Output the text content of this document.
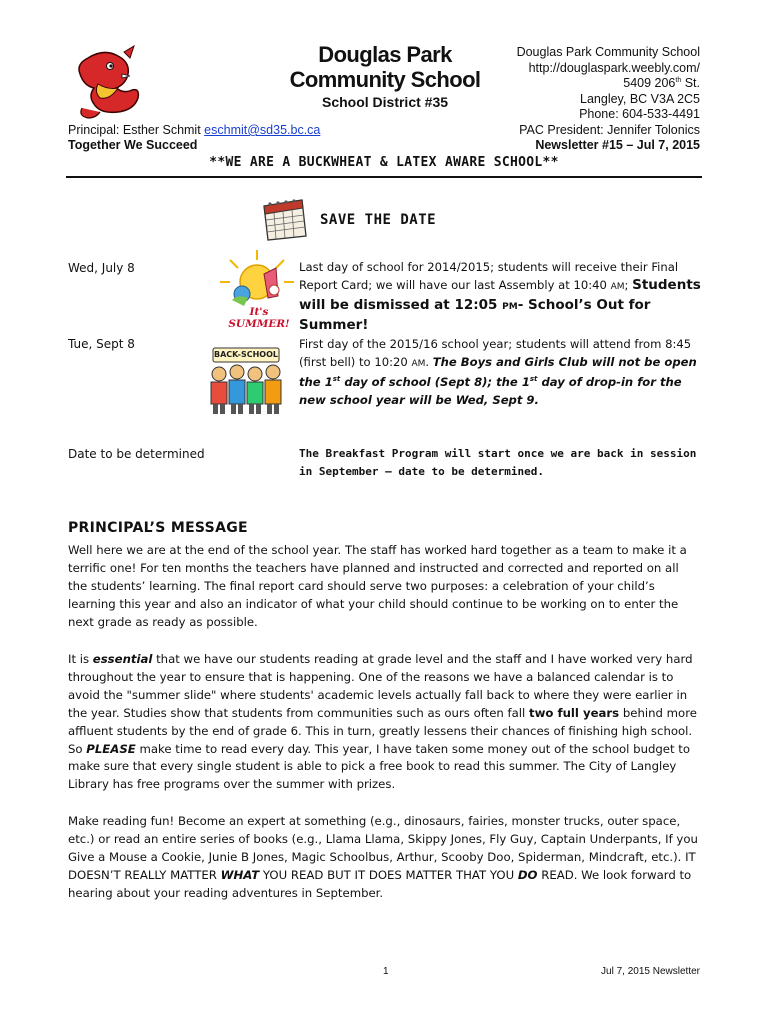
Douglas Park
Community School
School District #35
Douglas Park Community School
http://douglaspark.weebly.com/
5409 206th St.
Langley, BC V3A 2C5
Phone: 604-533-4491
Principal: Esther Schmit eschmit@sd35.bc.ca	PAC President: Jennifer Tolonics
Together We Succeed	Newsletter #15 – Jul 7, 2015
**WE ARE A BUCKWHEAT & LATEX AWARE SCHOOL**
SAVE THE DATE
Wed, July 8
It's SUMMER!
Last day of school for 2014/2015; students will receive their Final Report Card; we will have our last Assembly at 10:40 AM; Students will be dismissed at 12:05 PM- School’s Out for Summer!
Tue, Sept 8
BACK-SCHOOL
First day of the 2015/16 school year; students will attend from 8:45 (first bell) to 10:20 AM. The Boys and Girls Club will not be open the 1st day of school (Sept 8); the 1st day of drop-in for the new school year will be Wed, Sept 9.
Date to be determined	The Breakfast Program will start once we are back in session in September – date to be determined.
PRINCIPAL’S MESSAGE
Well here we are at the end of the school year. The staff has worked hard together as a team to make it a terrific one! For ten months the teachers have planned and instructed and corrected and reported on all the students’ learning. The final report card should serve two purposes: a celebration of your child’s learning this year and also an indicator of what your child should continue to be working on to enter the next grade as ready as possible.
It is essential that we have our students reading at grade level and the staff and I have worked very hard throughout the year to ensure that is happening. One of the reasons we have a balanced calendar is to avoid the "summer slide" where students' academic levels actually fall back to where they were earlier in the year. Studies show that students from communities such as ours often fall two full years behind more affluent students by the end of grade 6. This in turn, greatly lessens their chances of finishing high school. So PLEASE make time to read every day. This year, I have taken some money out of the school budget to make sure that every single student is able to pick a free book to read this summer. The City of Langley Library has free programs over the summer with prizes.
Make reading fun! Become an expert at something (e.g., dinosaurs, fairies, monster trucks, outer space, etc.) or read an entire series of books (e.g., Llama Llama, Skippy Jones, Fly Guy, Captain Underpants, If you Give a Mouse a Cookie, Junie B Jones, Magic Schoolbus, Arthur, Scooby Doo, Spiderman, Mindcraft, etc.). IT DOESN’T REALLY MATTER WHAT YOU READ BUT IT DOES MATTER THAT YOU DO READ. We look forward to hearing about your reading adventures in September.
1	Jul 7, 2015 Newsletter
